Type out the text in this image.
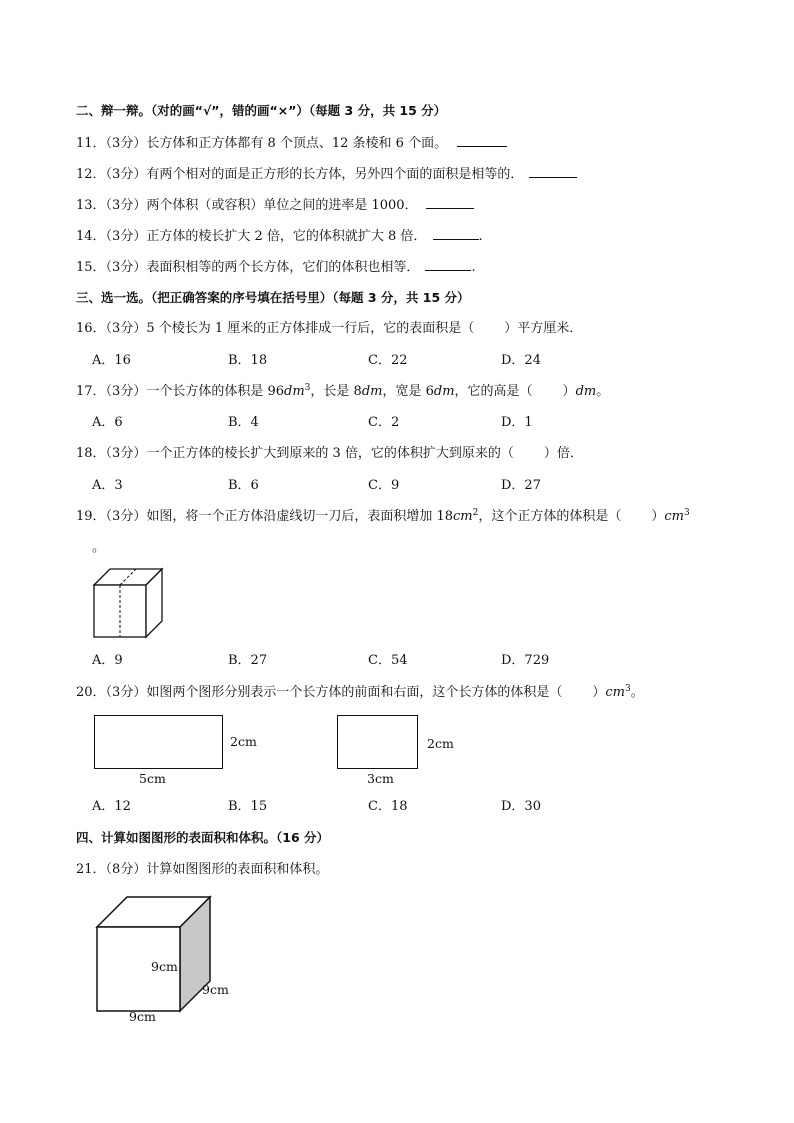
二、辩一辩。（对的画“√”，错的画“×”）（每题 3 分，共 15 分）
11．（3分）长方体和正方体都有 8 个顶点、12 条棱和 6 个面。
12．（3分）有两个相对的面是正方形的长方体，另外四个面的面积是相等的．
13．（3分）两个体积（或容积）单位之间的进率是 1000．
14．（3分）正方体的棱长扩大 2 倍，它的体积就扩大 8 倍．	.
15．（3分）表面积相等的两个长方体，它们的体积也相等．	.
三、选一选。（把正确答案的序号填在括号里）（每题 3 分，共 15 分）
16．（3分）5 个棱长为 1 厘米的正方体排成一行后，它的表面积是（ ）平方厘米．
A．16	B．18	C．22	D．24
17．（3分）一个长方体的体积是 $96dm^3$，长是 8dm，宽是 6dm，它的高是（ ）dm。
A．6	B．4	C．2	D．1
18．（3分）一个正方体的棱长扩大到原来的 3 倍，它的体积扩大到原来的（ ）倍．
A．3	B．6	C．9	D．27
19．（3分）如图，将一个正方体沿虚线切一刀后，表面积增加 $18cm^2$，这个正方体的体积是（ ）$cm^3$
。
A．9	B．27	C．54	D．729
20．（3分）如图两个图形分别表示一个长方体的前面和右面，这个长方体的体积是（ ）$cm^3$。
2cm
5cm
2cm
3cm
A．12	B．15	C．18	D．30
四、计算如图图形的表面积和体积。（16 分）
21．（8分）计算如图图形的表面积和体积。
9cm
9cm
9cm
